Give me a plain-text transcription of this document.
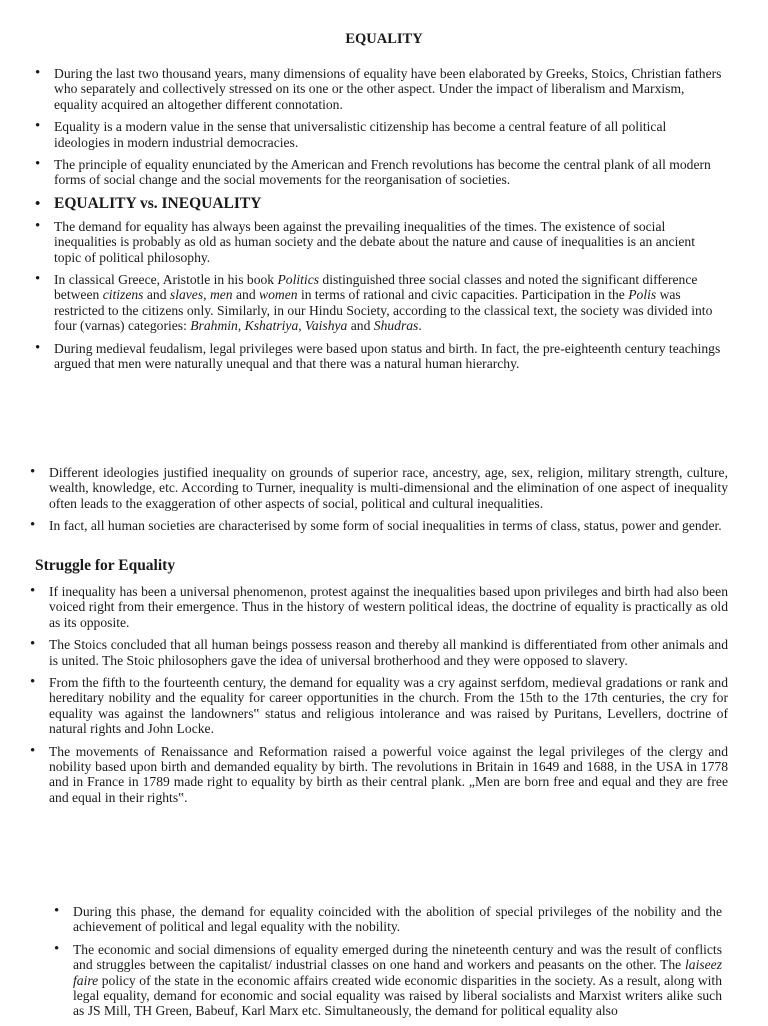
EQUALITY
• During the last two thousand years, many dimensions of equality have been elaborated by Greeks, Stoics, Christian fathers who separately and collectively stressed on its one or the other aspect. Under the impact of liberalism and Marxism, equality acquired an altogether different connotation.
• Equality is a modern value in the sense that universalistic citizenship has become a central feature of all political ideologies in modern industrial democracies.
• The principle of equality enunciated by the American and French revolutions has become the central plank of all modern forms of social change and the social movements for the reorganisation of societies.
• EQUALITY vs. INEQUALITY
• The demand for equality has always been against the prevailing inequalities of the times. The existence of social inequalities is probably as old as human society and the debate about the nature and cause of inequalities is an ancient topic of political philosophy.
• In classical Greece, Aristotle in his book Politics distinguished three social classes and noted the significant difference between citizens and slaves, men and women in terms of rational and civic capacities. Participation in the Polis was restricted to the citizens only. Similarly, in our Hindu Society, according to the classical text, the society was divided into four (varnas) categories: Brahmin, Kshatriya, Vaishya and Shudras.
• During medieval feudalism, legal privileges were based upon status and birth. In fact, the pre-eighteenth century teachings argued that men were naturally unequal and that there was a natural human hierarchy.
• Different ideologies justified inequality on grounds of superior race, ancestry, age, sex, religion, military strength, culture, wealth, knowledge, etc. According to Turner, inequality is multi-dimensional and the elimination of one aspect of inequality often leads to the exaggeration of other aspects of social, political and cultural inequalities.
• In fact, all human societies are characterised by some form of social inequalities in terms of class, status, power and gender.
Struggle for Equality
• If inequality has been a universal phenomenon, protest against the inequalities based upon privileges and birth had also been voiced right from their emergence. Thus in the history of western political ideas, the doctrine of equality is practically as old as its opposite.
• The Stoics concluded that all human beings possess reason and thereby all mankind is differentiated from other animals and is united. The Stoic philosophers gave the idea of universal brotherhood and they were opposed to slavery.
• From the fifth to the fourteenth century, the demand for equality was a cry against serfdom, medieval gradations or rank and hereditary nobility and the equality for career opportunities in the church. From the 15th to the 17th centuries, the cry for equality was against the landowners‟ status and religious intolerance and was raised by Puritans, Levellers, doctrine of natural rights and John Locke.
• The movements of Renaissance and Reformation raised a powerful voice against the legal privileges of the clergy and nobility based upon birth and demanded equality by birth. The revolutions in Britain in 1649 and 1688, in the USA in 1778 and in France in 1789 made right to equality by birth as their central plank. „Men are born free and equal and they are free and equal in their rights‟.
• During this phase, the demand for equality coincided with the abolition of special privileges of the nobility and the achievement of political and legal equality with the nobility.
• The economic and social dimensions of equality emerged during the nineteenth century and was the result of conflicts and struggles between the capitalist/ industrial classes on one hand and workers and peasants on the other. The laiseez faire policy of the state in the economic affairs created wide economic disparities in the society. As a result, along with legal equality, demand for economic and social equality was raised by liberal socialists and Marxist writers alike such as JS Mill, TH Green, Babeuf, Karl Marx etc. Simultaneously, the demand for political equality also
